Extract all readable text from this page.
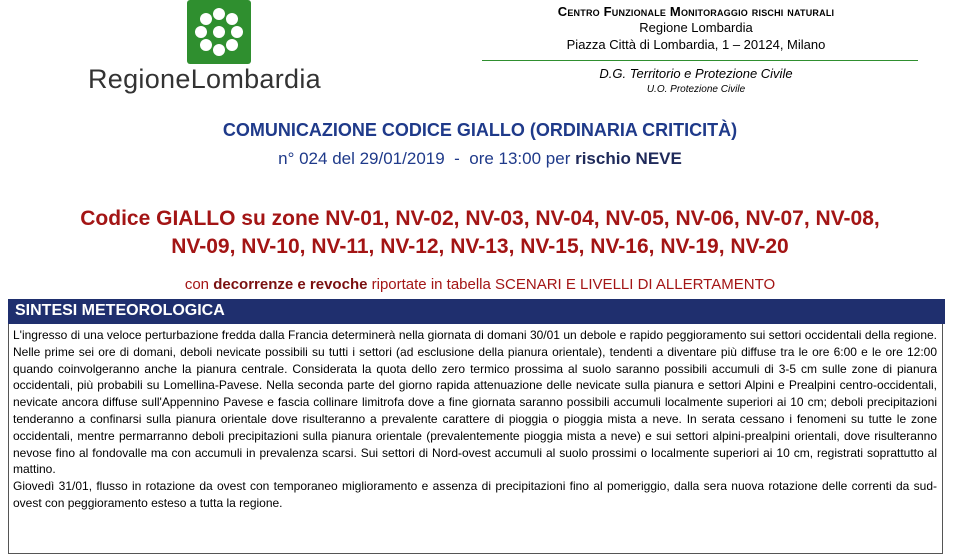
RegioneLombardia
Centro Funzionale Monitoraggio rischi naturali
Regione Lombardia
Piazza Città di Lombardia, 1 – 20124, Milano
D.G. Territorio e Protezione Civile
U.O. Protezione Civile
COMUNICAZIONE CODICE GIALLO (ORDINARIA CRITICITÀ)
n° 024 del 29/01/2019  -  ore 13:00 per rischio NEVE
Codice GIALLO su zone NV-01, NV-02, NV-03, NV-04, NV-05, NV-06, NV-07, NV-08,
NV-09, NV-10, NV-11, NV-12, NV-13, NV-15, NV-16, NV-19, NV-20
con decorrenze e revoche riportate in tabella SCENARI E LIVELLI DI ALLERTAMENTO
SINTESI METEOROLOGICA

L'ingresso di una veloce perturbazione fredda dalla Francia determinerà nella giornata di domani 30/01 un debole e rapido peggioramento sui settori occidentali della regione. Nelle prime sei ore di domani, deboli nevicate possibili su tutti i settori (ad esclusione della pianura orientale), tendenti a diventare più diffuse tra le ore 6:00 e le ore 12:00 quando coinvolgeranno anche la pianura centrale. Considerata la quota dello zero termico prossima al suolo saranno possibili accumuli di 3-5 cm sulle zone di pianura occidentali, più probabili su Lomellina-Pavese. Nella seconda parte del giorno rapida attenuazione delle nevicate sulla pianura e settori Alpini e Prealpini centro-occidentali, nevicate ancora diffuse sull'Appennino Pavese e fascia collinare limitrofa dove a fine giornata saranno possibili accumuli localmente superiori ai 10 cm; deboli precipitazioni tenderanno a confinarsi sulla pianura orientale dove risulteranno a prevalente carattere di pioggia o pioggia mista a neve. In serata cessano i fenomeni su tutte le zone occidentali, mentre permarranno deboli precipitazioni sulla pianura orientale (prevalentemente pioggia mista a neve) e sui settori alpini-prealpini orientali, dove risulteranno nevose fino al fondovalle ma con accumuli in prevalenza scarsi. Sui settori di Nord-ovest accumuli al suolo prossimi o localmente superiori ai 10 cm, registrati soprattutto al mattino.

Giovedì 31/01, flusso in rotazione da ovest con temporaneo miglioramento e assenza di precipitazioni fino al pomeriggio, dalla sera nuova rotazione delle correnti da sud-ovest con peggioramento esteso a tutta la regione.
